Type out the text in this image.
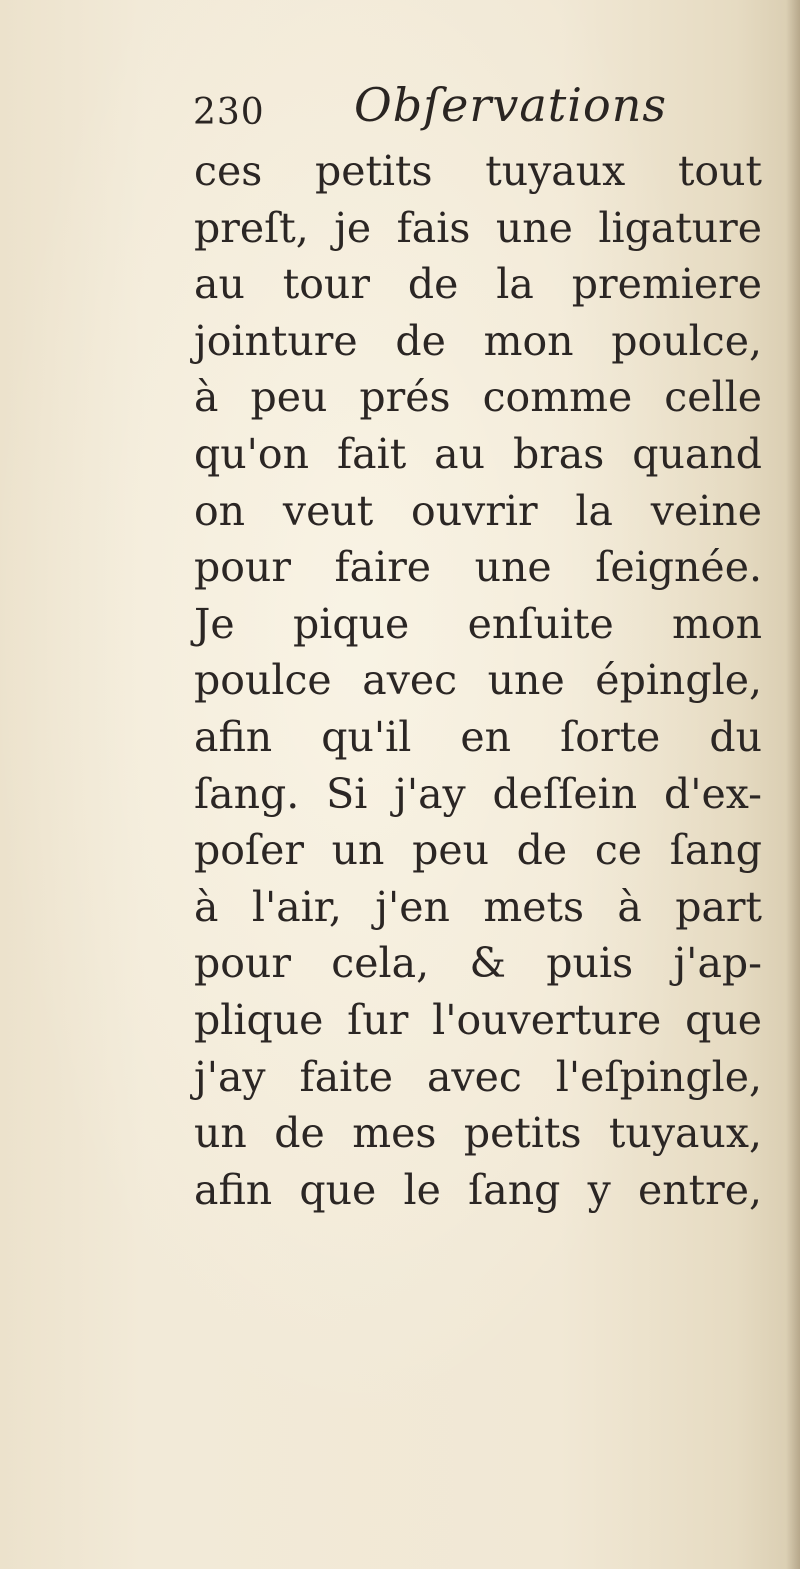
230 Obſervations
ces petits tuyaux tout
preſt, je fais une ligature
au tour de la premiere
jointure de mon poulce,
à peu prés comme celle
qu'on fait au bras quand
on veut ouvrir la veine
pour faire une ſeignée.
Je pique enſuite mon
poulce avec une épingle,
afin qu'il en ſorte du
ſang. Si j'ay deſſein d'ex-
poſer un peu de ce ſang
à l'air, j'en mets à part
pour cela, & puis j'ap-
plique ſur l'ouverture que
j'ay faite avec l'eſpingle,
un de mes petits tuyaux,
afin que le ſang y entre,
